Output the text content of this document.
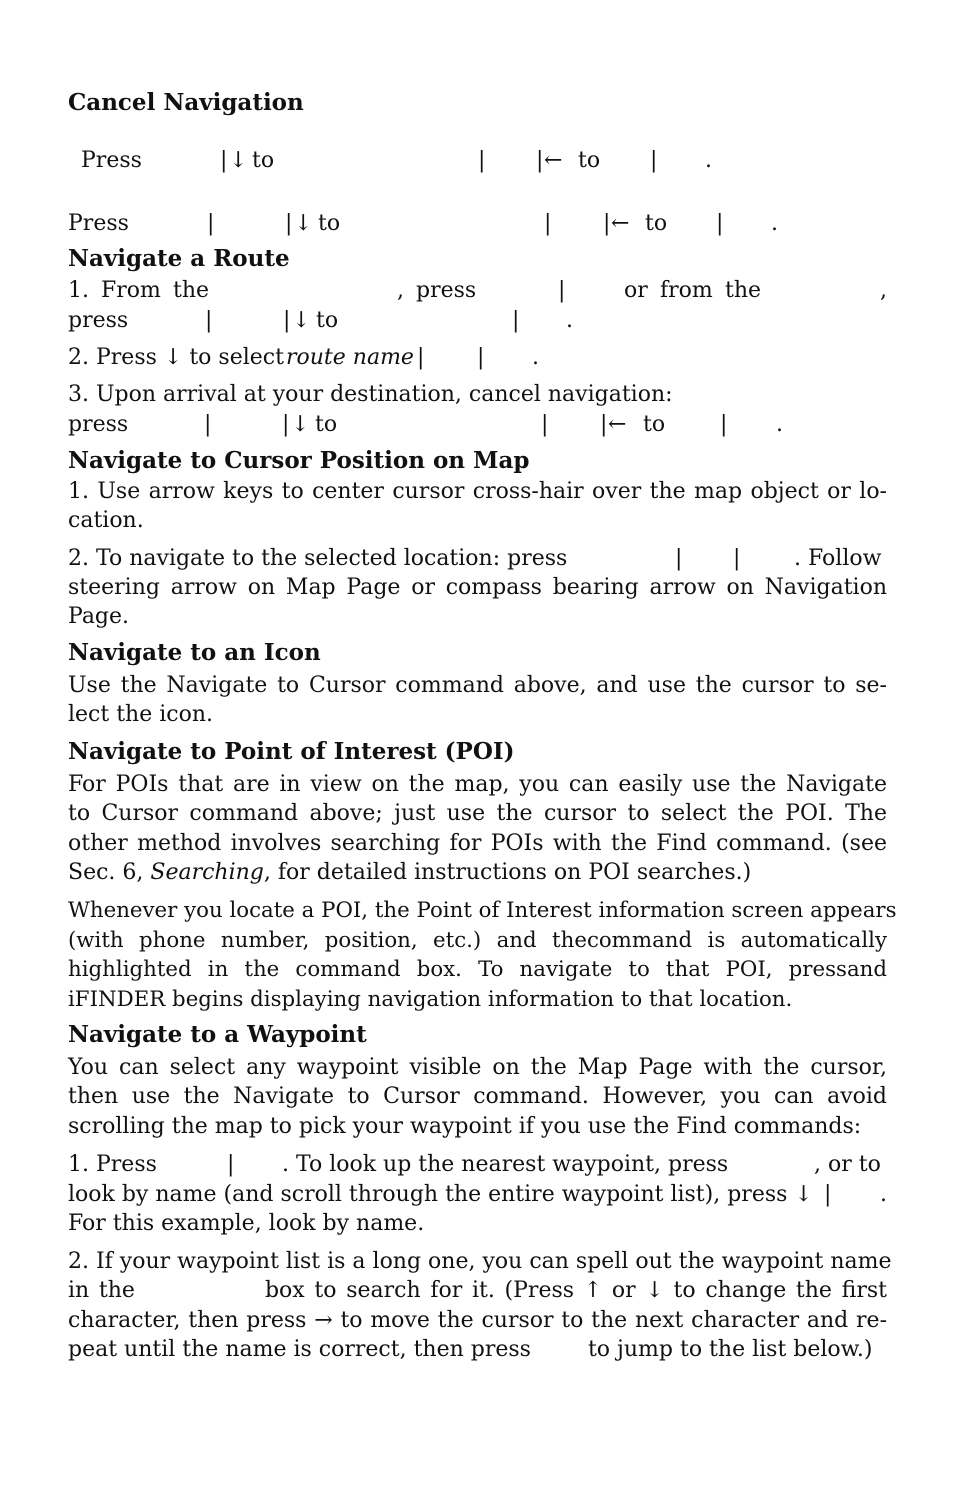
Cancel Navigation
Press	| ↓ to	| | ← to | .
Press	|	| ↓ to	| | ← to | .
Navigate a Route
1. From the	, press	|	or from the	,
press	|	| ↓ to	| .
2. Press ↓ to select route name | | .
3. Upon arrival at your destination, cancel navigation:
press	|	| ↓ to	| | ← to | .
Navigate to Cursor Position on Map
1. Use arrow keys to center cursor cross-hair over the map object or lo-
cation.
2. To navigate to the selected location: press	| | . Follow
steering arrow on Map Page or compass bearing arrow on Navigation
Page.
Navigate to an Icon
Use the Navigate to Cursor command above, and use the cursor to se-
lect the icon.
Navigate to Point of Interest (POI)
For POIs that are in view on the map, you can easily use the Navigate
to Cursor command above; just use the cursor to select the POI. The
other method involves searching for POIs with the Find command. (see
Sec. 6, Searching, for detailed instructions on POI searches.)
Whenever you locate a POI, the Point of Interest information screen appears
(with phone number, position, etc.) and thecommand is automatically
highlighted in the command box. To navigate to that POI, pressand
iFINDER begins displaying navigation information to that location.
Navigate to a Waypoint
You can select any waypoint visible on the Map Page with the cursor,
then use the Navigate to Cursor command. However, you can avoid
scrolling the map to pick your waypoint if you use the Find commands:
1. Press	| . To look up the nearest waypoint, press	, or to
look by name (and scroll through the entire waypoint list), press ↓ | .
For this example, look by name.
2. If your waypoint list is a long one, you can spell out the waypoint name
in the	box to search for it. (Press ↑ or ↓ to change the first
character, then press → to move the cursor to the next character and re-
peat until the name is correct, then press	to jump to the list below.)
